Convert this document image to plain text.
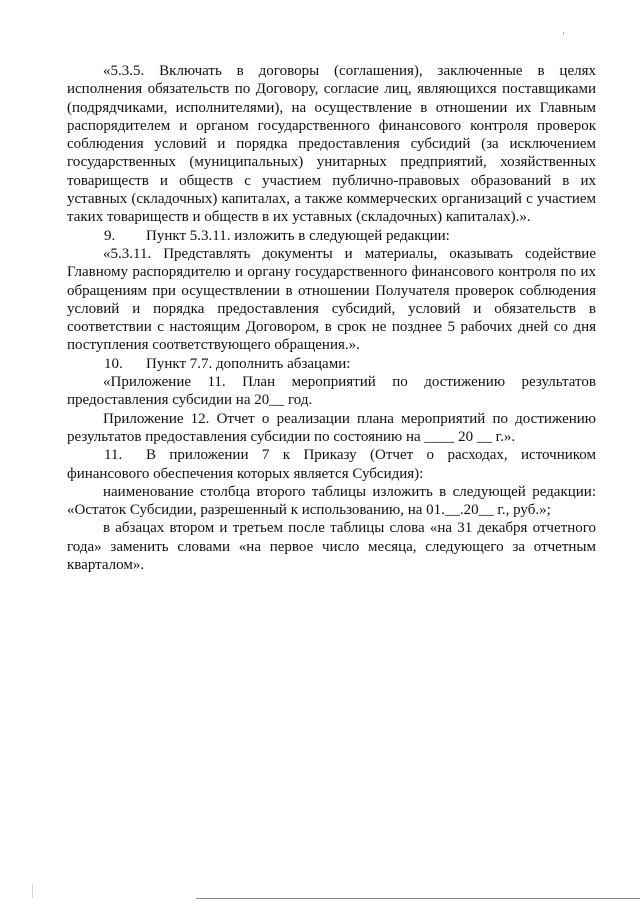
«5.3.5. Включать в договоры (соглашения), заключенные в целях исполнения обязательств по Договору, согласие лиц, являющихся поставщиками (подрядчиками, исполнителями), на осуществление в отношении их Главным распорядителем и органом государственного финансового контроля проверок соблюдения условий и порядка предоставления субсидий (за исключением государственных (муниципальных) унитарных предприятий, хозяйственных товариществ и обществ с участием публично-правовых образований в их уставных (складочных) капиталах, а также коммерческих организаций с участием таких товариществ и обществ в их уставных (складочных) капиталах).».

9. Пункт 5.3.11. изложить в следующей редакции:

«5.3.11. Представлять документы и материалы, оказывать содействие Главному распорядителю и органу государственного финансового контроля по их обращениям при осуществлении в отношении Получателя проверок соблюдения условий и порядка предоставления субсидий, условий и обязательств в соответствии с настоящим Договором, в срок не позднее 5 рабочих дней со дня поступления соответствующего обращения.».

10. Пункт 7.7. дополнить абзацами:

«Приложение 11. План мероприятий по достижению результатов предоставления субсидии на 20__ год.

Приложение 12. Отчет о реализации плана мероприятий по достижению результатов предоставления субсидии по состоянию на ____ 20 __ г.».

11. В приложении 7 к Приказу (Отчет о расходах, источником финансового обеспечения которых является Субсидия):

наименование столбца второго таблицы изложить в следующей редакции: «Остаток Субсидии, разрешенный к использованию, на 01.__.20__ г., руб.»;

в абзацах втором и третьем после таблицы слова «на 31 декабря отчетного года» заменить словами «на первое число месяца, следующего за отчетным кварталом».
